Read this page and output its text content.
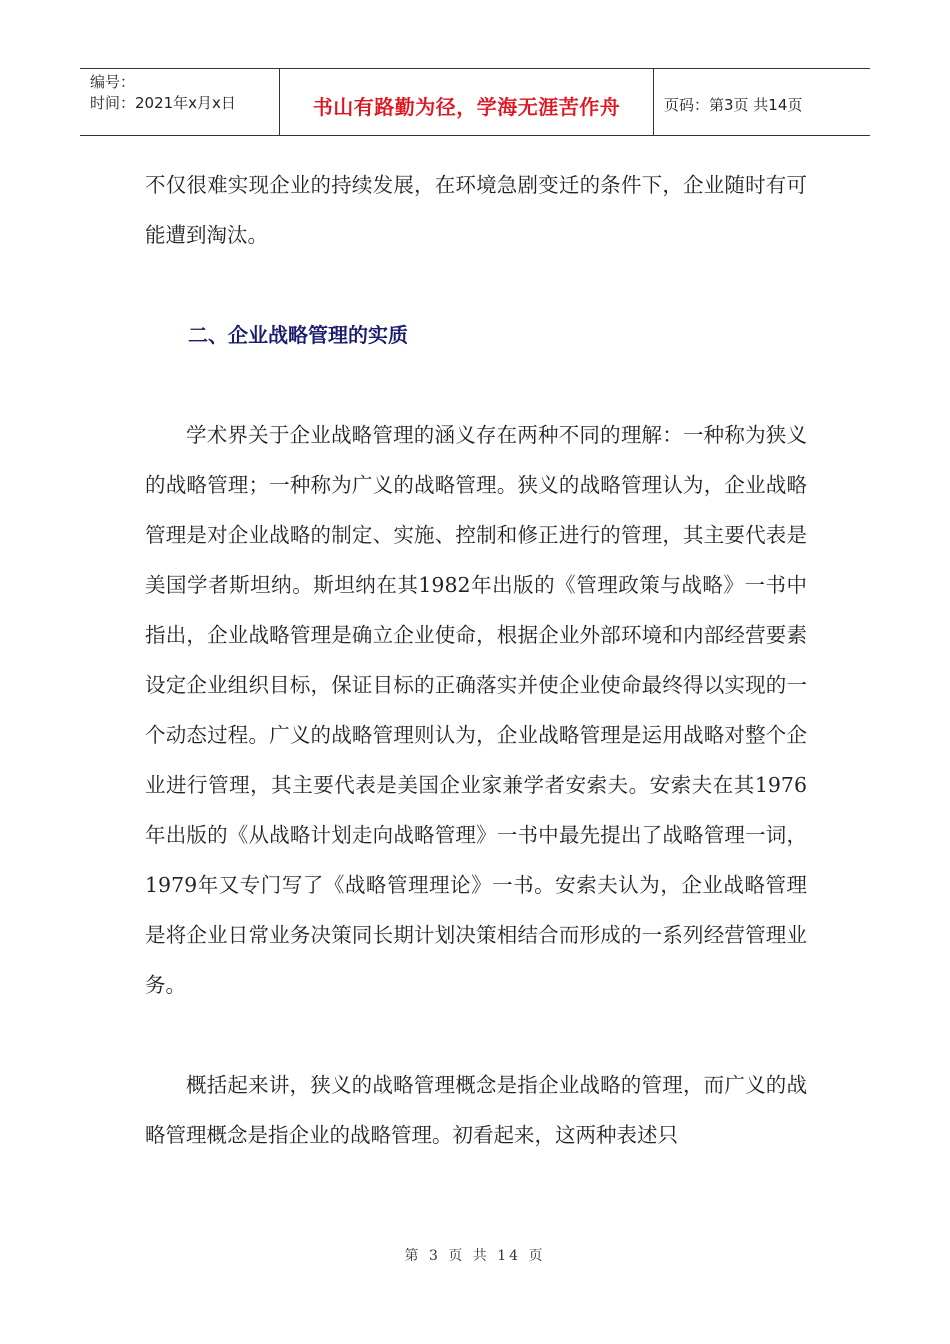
编号：
时间：2021年x月x日	书山有路勤为径，学海无涯苦作舟	页码：第3页 共14页

不仅很难实现企业的持续发展，在环境急剧变迁的条件下，企业随时有可能遭到淘汰。

二、企业战略管理的实质

学术界关于企业战略管理的涵义存在两种不同的理解：一种称为狭义的战略管理；一种称为广义的战略管理。狭义的战略管理认为，企业战略管理是对企业战略的制定、实施、控制和修正进行的管理，其主要代表是美国学者斯坦纳。斯坦纳在其1982年出版的《管理政策与战略》一书中指出，企业战略管理是确立企业使命，根据企业外部环境和内部经营要素设定企业组织目标，保证目标的正确落实并使企业使命最终得以实现的一个动态过程。广义的战略管理则认为，企业战略管理是运用战略对整个企业进行管理，其主要代表是美国企业家兼学者安索夫。安索夫在其1976年出版的《从战略计划走向战略管理》一书中最先提出了战略管理一词，1979年又专门写了《战略管理理论》一书。安索夫认为，企业战略管理是将企业日常业务决策同长期计划决策相结合而形成的一系列经营管理业务。

概括起来讲，狭义的战略管理概念是指企业战略的管理，而广义的战略管理概念是指企业的战略管理。初看起来，这两种表述只

第 3 页 共 14 页
